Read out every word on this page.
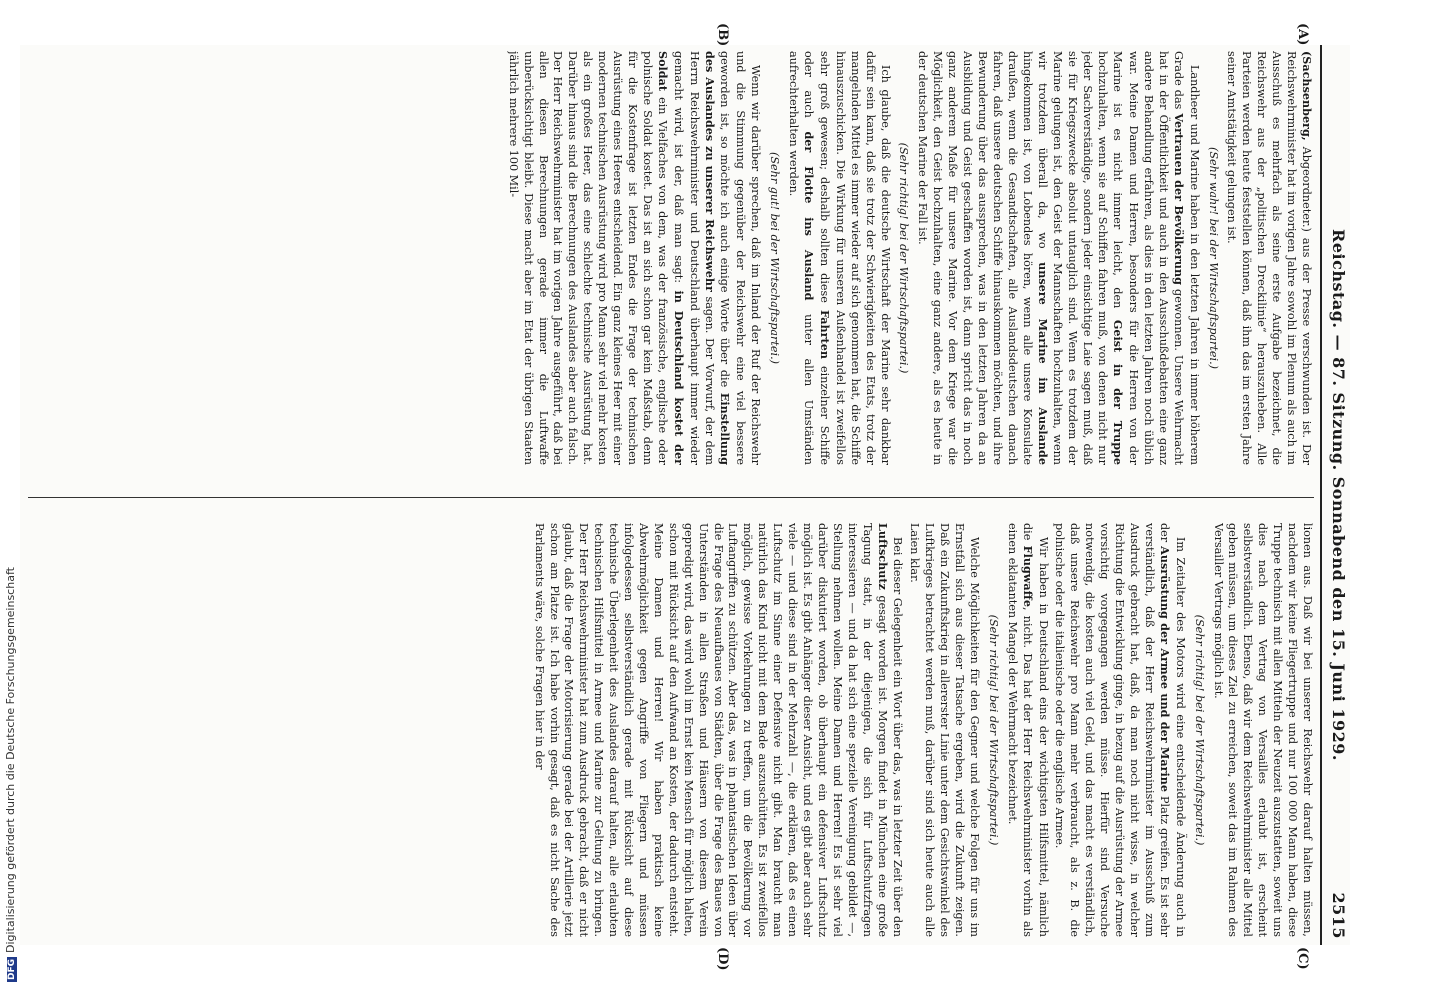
Reichstag. — 87. Sitzung. Sonnabend den 15. Juni 1929.
2515
(A)
(B)
(C)
(D)

(Sachsenberg, Abgeordneter.) aus der Presse verschwunden ist. Der Reichswehrminister hat im vorigen Jahre sowohl im Plenum als auch im Ausschuß es mehrfach als seine erste Aufgabe bezeichnet, die Reichswehr aus der „politischen Dreckilinie“ herauszuheben. Alle Parteien werden heute feststellen können, daß ihm das im ersten Jahre seiner Amtstätigkeit gelungen ist.

(Sehr wahr! bei der Wirtschaftspartei.)

Landheer und Marine haben in den letzten Jahren in immer höherem Grade das Vertrauen der Bevölkerung gewonnen. Unsere Wehrmacht hat in der Öffentlichkeit und auch in den Ausschußdebatten eine ganz andere Behandlung erfahren, als dies in den letzten Jahren noch üblich war. Meine Damen und Herren, besonders für die Herren von der Marine ist es nicht immer leicht, den Geist in der Truppe hochzuhalten, wenn sie auf Schiffen fahren muß, von denen nicht nur jeder Sachverständige, sondern jeder einsichtige Laie sagen muß, daß sie für Kriegszwecke absolut untauglich sind. Wenn es trotzdem der Marine gelungen ist, den Geist der Mannschaften hochzuhalten, wenn wir trotzdem überall da, wo unsere Marine im Auslande hingekommen ist, von Lobendes hören, wenn alle unsere Konsulate draußen, wenn die Gesandtschaften, alle Auslandsdeutschen danach fahren, daß unsere deutschen Schiffe hinauskommen möchten, und ihre Bewunderung über das aussprechen, was in den letzten Jahren da an Ausbildung und Geist geschaffen worden ist, dann spricht das in noch ganz anderem Maße für unsere Marine. Vor dem Kriege war die Möglichkeit, den Geist hochzuhalten, eine ganz andere, als es heute in der deutschen Marine der Fall ist.

(Sehr richtig! bei der Wirtschaftspartei.)

Ich glaube, daß die deutsche Wirtschaft der Marine sehr dankbar dafür sein kann, daß sie trotz der Schwierigkeiten des Etats, trotz der mangelnden Mittel es immer wieder auf sich genommen hat, die Schiffe hinauszuschicken. Die Wirkung für unseren Außenhandel ist zweifellos sehr groß gewesen; deshalb sollten diese Fahrten einzelner Schiffe oder auch der Flotte ins Ausland unter allen Umständen aufrechterhalten werden.

(Sehr gut! bei der Wirtschaftspartei.)

Wenn wir darüber sprechen, daß im Inland der Ruf der Reichswehr und die Stimmung gegenüber der Reichswehr eine viel bessere geworden ist, so möchte ich auch einige Worte über die Einstellung des Auslandes zu unserer Reichswehr sagen. Der Vorwurf, der dem Herrn Reichswehrminister und Deutschland überhaupt immer wieder gemacht wird, ist der, daß man sagt: in Deutschland kostet der Soldat ein Vielfaches von dem, was der französische, englische oder polnische Soldat kostet. Das ist an sich schon gar kein Maßstab, denn für die Kostenfrage ist letzten Endes die Frage der technischen Ausrüstung eines Heeres entscheidend. Ein ganz kleines Heer mit einer modernen technischen Ausrüstung wird pro Mann sehr viel mehr kosten als ein großes Heer, das eine schlechte technische Ausrüstung hat. Darüber hinaus sind die Berechnungen des Auslandes aber auch falsch. Der Herr Reichswehrminister hat im vorigen Jahre ausgeführt, daß bei allen diesen Berechnungen gerade immer die Luftwaffe unberücksichtigt bleibt. Diese macht aber im Etat der übrigen Staaten jährlich mehrere 100 Mil-

lionen aus. Daß wir bei unserer Reichswehr darauf halten müssen, nachdem wir keine Fliegertruppe und nur 100 000 Mann haben, diese Truppe technisch mit allen Mitteln der Neuzeit auszustatten, soweit uns dies nach dem Vertrag von Versailles erlaubt ist, erscheint selbstverständlich. Ebenso, daß wir dem Reichswehrminister alle Mittel geben müssen, um dieses Ziel zu erreichen, soweit das im Rahmen des Versailler Vertrags möglich ist.

(Sehr richtig! bei der Wirtschaftspartei.)

Im Zeitalter des Motors wird eine entscheidende Änderung auch in der Ausrüstung der Armee und der Marine Platz greifen. Es ist sehr verständlich, daß der Herr Reichswehrminister im Ausschuß zum Ausdruck gebracht hat, daß, da man noch nicht wisse, in welcher Richtung die Entwicklung ginge, in bezug auf die Ausrüstung der Armee vorsichtig vorgegangen werden müsse. Hierfür sind Versuche notwendig, die kosten auch viel Geld, und das macht es verständlich, daß unsere Reichswehr pro Mann mehr verbraucht, als z. B. die polnische oder die italienische oder die englische Armee.

Wir haben in Deutschland eins der wichtigsten Hilfsmittel, nämlich die Flugwaffe, nicht. Das hat der Herr Reichswehrminister vorhin als einen eklatanten Mangel der Wehrmacht bezeichnet.

(Sehr richtig! bei der Wirtschaftspartei.)

Welche Möglichkeiten für den Gegner und welche Folgen für uns im Ernstfall sich aus dieser Tatsache ergeben, wird die Zukunft zeigen. Daß ein Zukunftskrieg in allererster Linie unter dem Gesichtswinkel des Luftkrieges betrachtet werden muß, darüber sind sich heute auch alle Laien klar.

Bei dieser Gelegenheit ein Wort über das, was in letzter Zeit über den Luftschutz gesagt worden ist. Morgen findet in München eine große Tagung statt, in der diejenigen, die sich für Luftschutzfragen interessieren — und da hat sich eine spezielle Vereinigung gebildet —, Stellung nehmen wollen. Meine Damen und Herren! Es ist sehr viel darüber diskutiert worden, ob überhaupt ein defensiver Luftschutz möglich ist. Es gibt Anhänger dieser Ansicht, und es gibt aber auch sehr viele — und diese sind in der Mehrzahl —, die erklären, daß es einen Luftschutz im Sinne einer Defensive nicht gibt. Man braucht man natürlich das Kind nicht mit dem Bade auszuschütten. Es ist zweifellos möglich, gewisse Vorkehrungen zu treffen, um die Bevölkerung vor Luftangriffen zu schützen. Aber das, was in phantastischen Ideen über die Frage des Neuaufbaues von Städten, über die Frage des Baues von Unterständen in allen Straßen und Häusern von diesem Verein gepredigt wird, das wird wohl im Ernst kein Mensch für möglich halten, schon mit Rücksicht auf den Aufwand an Kosten, der dadurch entsteht. Meine Damen und Herren! Wir haben praktisch keine Abwehrmöglichkeit gegen Angriffe von Fliegern und müssen infolgedessen selbstverständlich gerade mit Rücksicht auf diese technische Überlegenheit des Auslandes darauf halten, alle erlaubten technischen Hilfsmittel in Armee und Marine zur Geltung zu bringen. Der Herr Reichswehrminister hat zum Ausdruck gebracht, daß er nicht glaubt, daß die Frage der Motorisierung gerade bei der Artillerie jetzt schon am Platze ist. Ich habe vorhin gesagt, daß es nicht Sache des Parlaments wäre, solche Fragen hier in der

DFGDigitalisierung gefördert durch die Deutsche Forschungsgemeinschaft
